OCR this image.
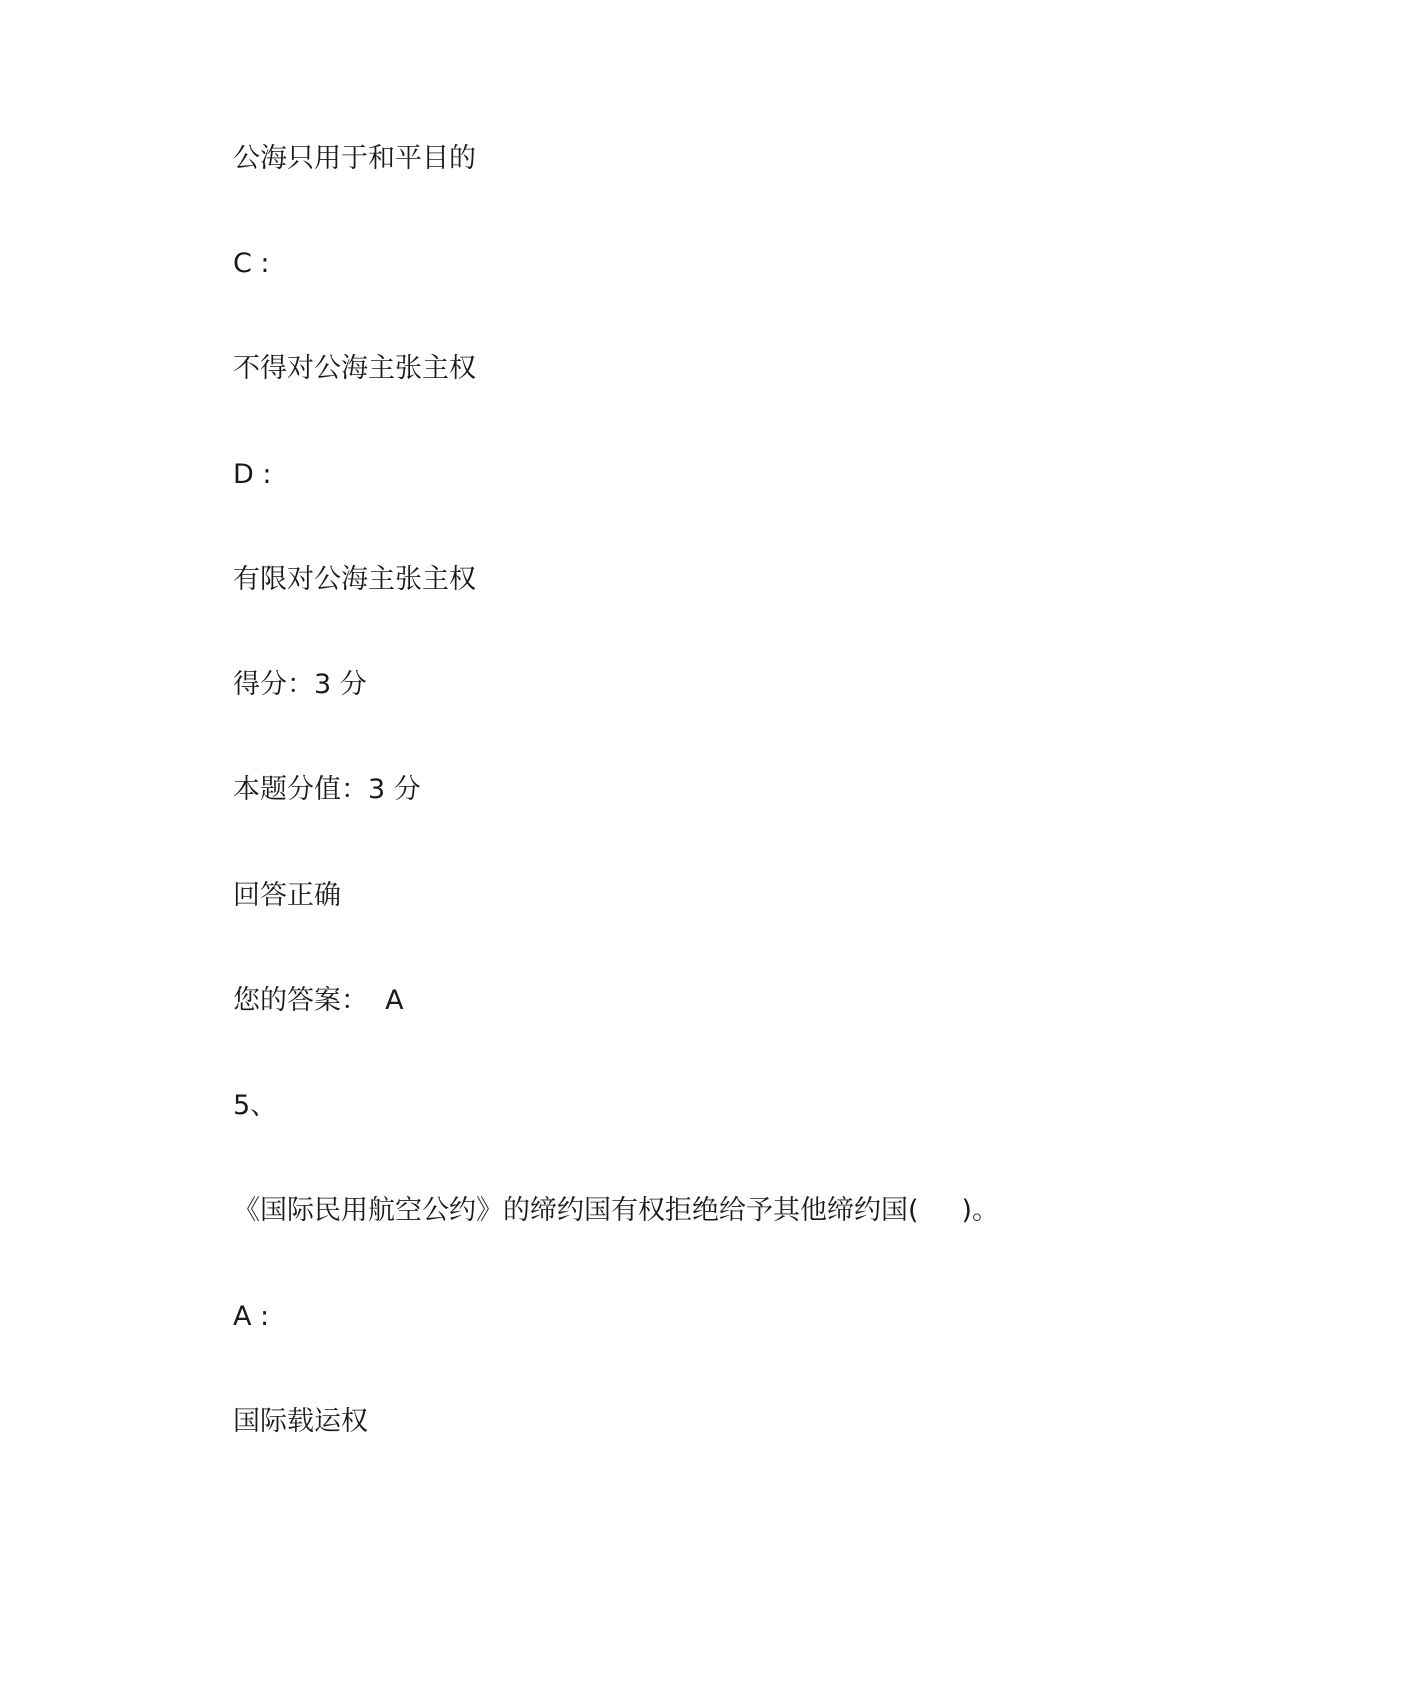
公海只用于和平目的
C :
不得对公海主张主权
D :
有限对公海主张主权
得分：3 分
本题分值：3 分
回答正确
您的答案：  A
5、
《国际民用航空公约》的缔约国有权拒绝给予其他缔约国(     )。
A :
国际载运权
